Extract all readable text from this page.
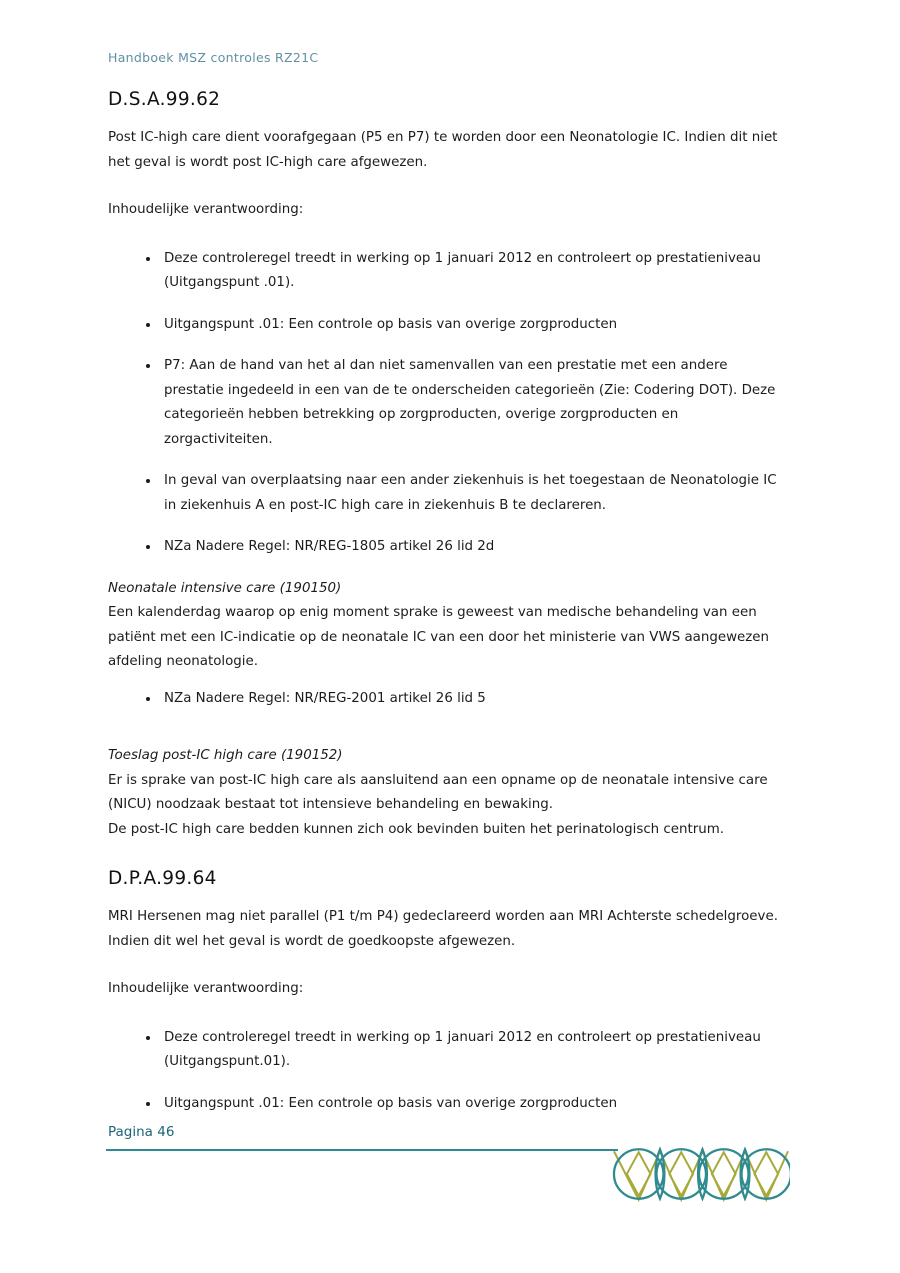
Handboek MSZ controles RZ21C
D.S.A.99.62

Post IC-high care dient voorafgegaan (P5 en P7) te worden door een Neonatologie IC. Indien dit niet het geval is wordt post IC-high care afgewezen.

Inhoudelijke verantwoording:

• Deze controleregel treedt in werking op 1 januari 2012 en controleert op prestatieniveau (Uitgangspunt .01).
• Uitgangspunt .01: Een controle op basis van overige zorgproducten
• P7: Aan de hand van het al dan niet samenvallen van een prestatie met een andere prestatie ingedeeld in een van de te onderscheiden categorieën (Zie: Codering DOT). Deze categorieën hebben betrekking op zorgproducten, overige zorgproducten en zorgactiviteiten.
• In geval van overplaatsing naar een ander ziekenhuis is het toegestaan de Neonatologie IC in ziekenhuis A en post-IC high care in ziekenhuis B te declareren.
• NZa Nadere Regel: NR/REG-1805 artikel 26 lid 2d

Neonatale intensive care (190150)

Een kalenderdag waarop op enig moment sprake is geweest van medische behandeling van een patiënt met een IC-indicatie op de neonatale IC van een door het ministerie van VWS aangewezen afdeling neonatologie.

• NZa Nadere Regel: NR/REG-2001 artikel 26 lid 5

Toeslag post-IC high care (190152)

Er is sprake van post-IC high care als aansluitend aan een opname op de neonatale intensive care (NICU) noodzaak bestaat tot intensieve behandeling en bewaking.

De post-IC high care bedden kunnen zich ook bevinden buiten het perinatologisch centrum.

D.P.A.99.64

MRI Hersenen mag niet parallel (P1 t/m P4) gedeclareerd worden aan MRI Achterste schedelgroeve. Indien dit wel het geval is wordt de goedkoopste afgewezen.

Inhoudelijke verantwoording:

• Deze controleregel treedt in werking op 1 januari 2012 en controleert op prestatieniveau (Uitgangspunt.01).
• Uitgangspunt .01: Een controle op basis van overige zorgproducten
Pagina 46
